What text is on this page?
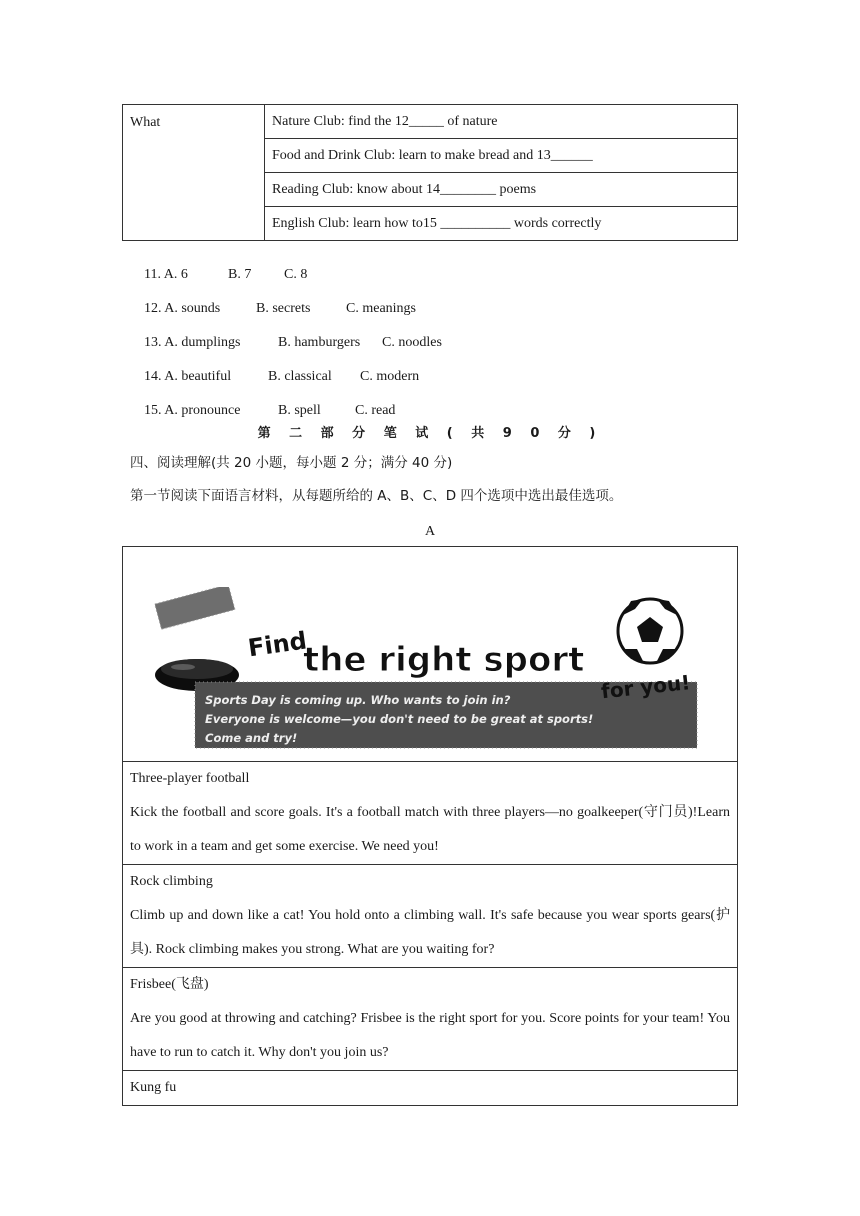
What	Nature Club: find the 12_____ of nature
Food and Drink Club: learn to make bread and 13______
Reading Club: know about 14________ poems
English Club: learn how to15 __________ words correctly

11. A. 6	B. 7 C. 8

12. A. sounds	B. secrets	C. meanings

13. A. dumplings	B. hamburgers C. noodles

14. A. beautiful	B. classical C. modern

15. A. pronounce	B. spell C. read

第 二 部 分 笔 试 ( 共 9 0 分 )
四、阅读理解(共 20 小题，每小题 2 分；满分 40 分)
第一节阅读下面语言材料，从每题所给的 A、B、C、D 四个选项中选出最佳选项。
A
Find
the right sport
for you!
Sports Day is coming up. Who wants to join in?
Everyone is welcome—you don't need to be great at sports!
Come and try!

Three-player football

Kick the football and score goals. It's a football match with three players—no goalkeeper(守门员)!Learn to work in a team and get some exercise. We need you!

Rock climbing

Climb up and down like a cat! You hold onto a climbing wall. It's safe because you wear sports gears(护具). Rock climbing makes you strong. What are you waiting for?

Frisbee(飞盘)

Are you good at throwing and catching? Frisbee is the right sport for you. Score points for your team! You have to run to catch it. Why don't you join us?

Kung fu
